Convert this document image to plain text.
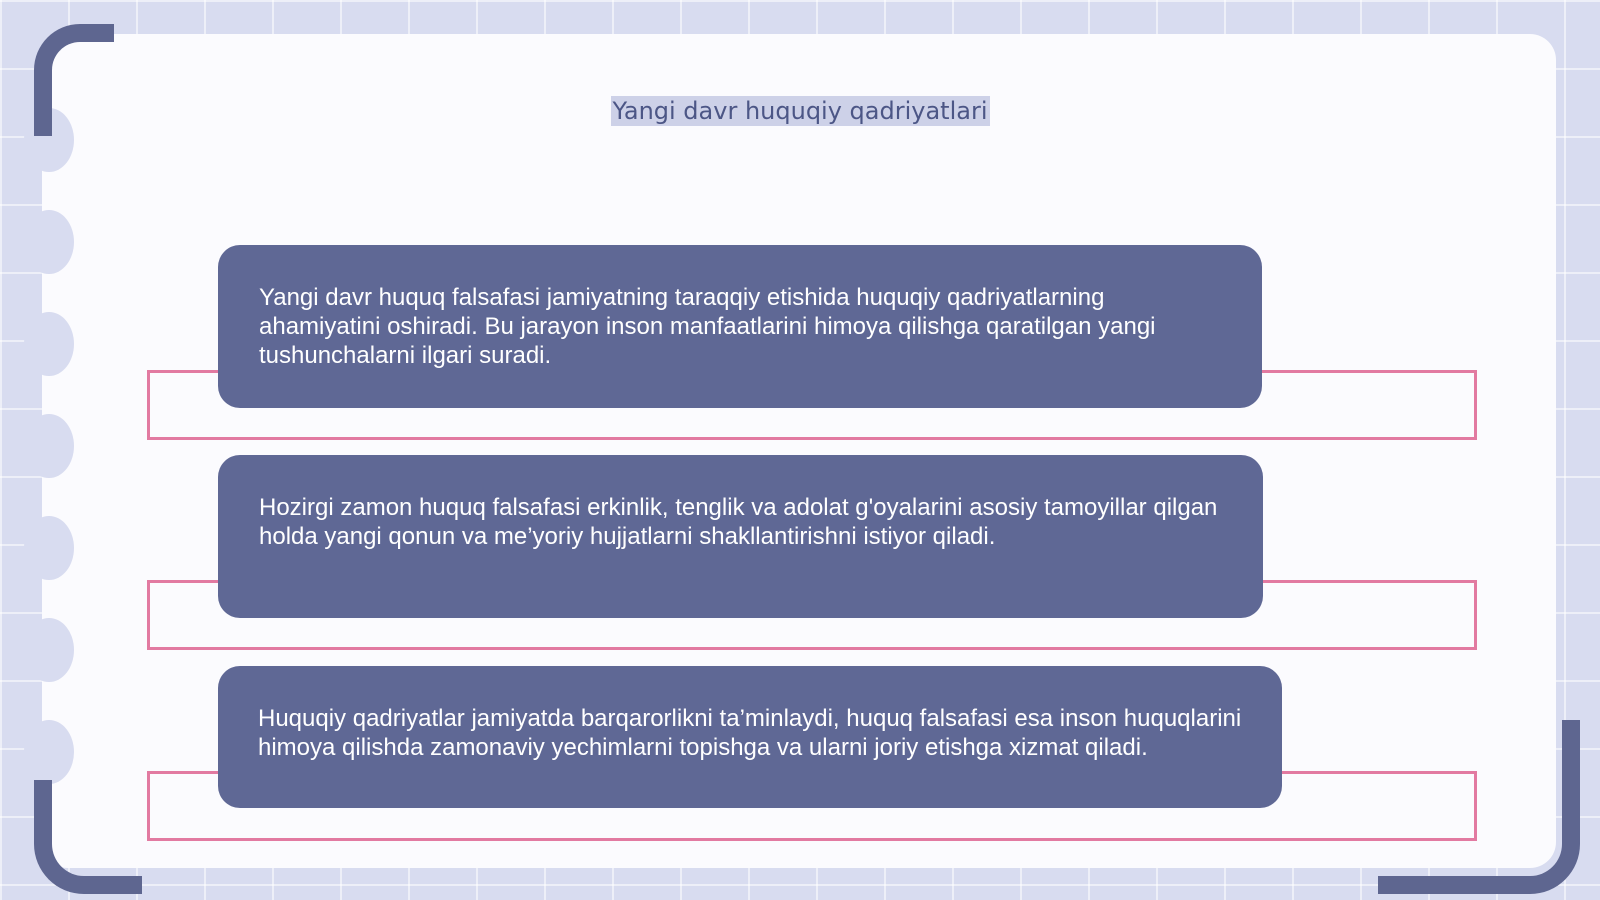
Yangi davr huquqiy qadriyatlari
Yangi davr huquq falsafasi jamiyatning taraqqiy etishida huquqiy qadriyatlarning ahamiyatini oshiradi. Bu jarayon inson manfaatlarini himoya qilishga qaratilgan yangi tushunchalarni ilgari suradi.
Hozirgi zamon huquq falsafasi erkinlik, tenglik va adolat g'oyalarini asosiy tamoyillar qilgan holda yangi qonun va me’yoriy hujjatlarni shakllantirishni istiyor qiladi.
Huquqiy qadriyatlar jamiyatda barqarorlikni ta’minlaydi, huquq falsafasi esa inson huquqlarini himoya qilishda zamonaviy yechimlarni topishga va ularni joriy etishga xizmat qiladi.
